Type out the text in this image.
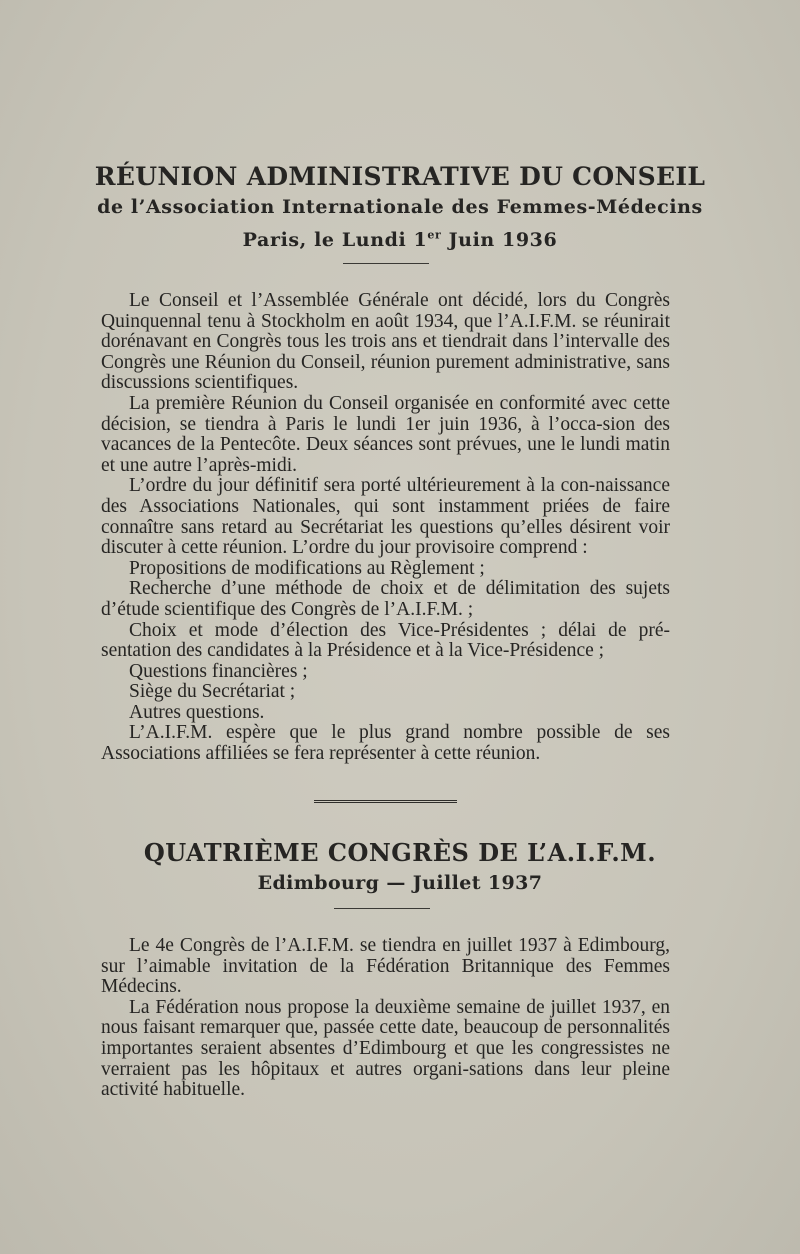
RÉUNION ADMINISTRATIVE DU CONSEIL
de l’Association Internationale des Femmes-Médecins
Paris, le Lundi 1er Juin 1936

Le Conseil et l’Assemblée Générale ont décidé, lors du Congrès Quinquennal tenu à Stockholm en août 1934, que l’A.I.F.M. se réunirait dorénavant en Congrès tous les trois ans et tiendrait dans l’intervalle des Congrès une Réunion du Conseil, réunion purement administrative, sans discussions scientifiques.

La première Réunion du Conseil organisée en conformité avec cette décision, se tiendra à Paris le lundi 1er juin 1936, à l’occa-sion des vacances de la Pentecôte. Deux séances sont prévues, une le lundi matin et une autre l’après-midi.

L’ordre du jour définitif sera porté ultérieurement à la con-naissance des Associations Nationales, qui sont instamment priées de faire connaître sans retard au Secrétariat les questions qu’elles désirent voir discuter à cette réunion. L’ordre du jour provisoire comprend :

Propositions de modifications au Règlement ;

Recherche d’une méthode de choix et de délimitation des sujets d’étude scientifique des Congrès de l’A.I.F.M. ;

Choix et mode d’élection des Vice-Présidentes ; délai de pré-sentation des candidates à la Présidence et à la Vice-Présidence ;

Questions financières ;

Siège du Secrétariat ;

Autres questions.

L’A.I.F.M. espère que le plus grand nombre possible de ses Associations affiliées se fera représenter à cette réunion.

QUATRIÈME CONGRÈS DE L’A.I.F.M.
Edimbourg — Juillet 1937

Le 4e Congrès de l’A.I.F.M. se tiendra en juillet 1937 à Edimbourg, sur l’aimable invitation de la Fédération Britannique des Femmes Médecins.

La Fédération nous propose la deuxième semaine de juillet 1937, en nous faisant remarquer que, passée cette date, beaucoup de personnalités importantes seraient absentes d’Edimbourg et que les congressistes ne verraient pas les hôpitaux et autres organi-sations dans leur pleine activité habituelle.
